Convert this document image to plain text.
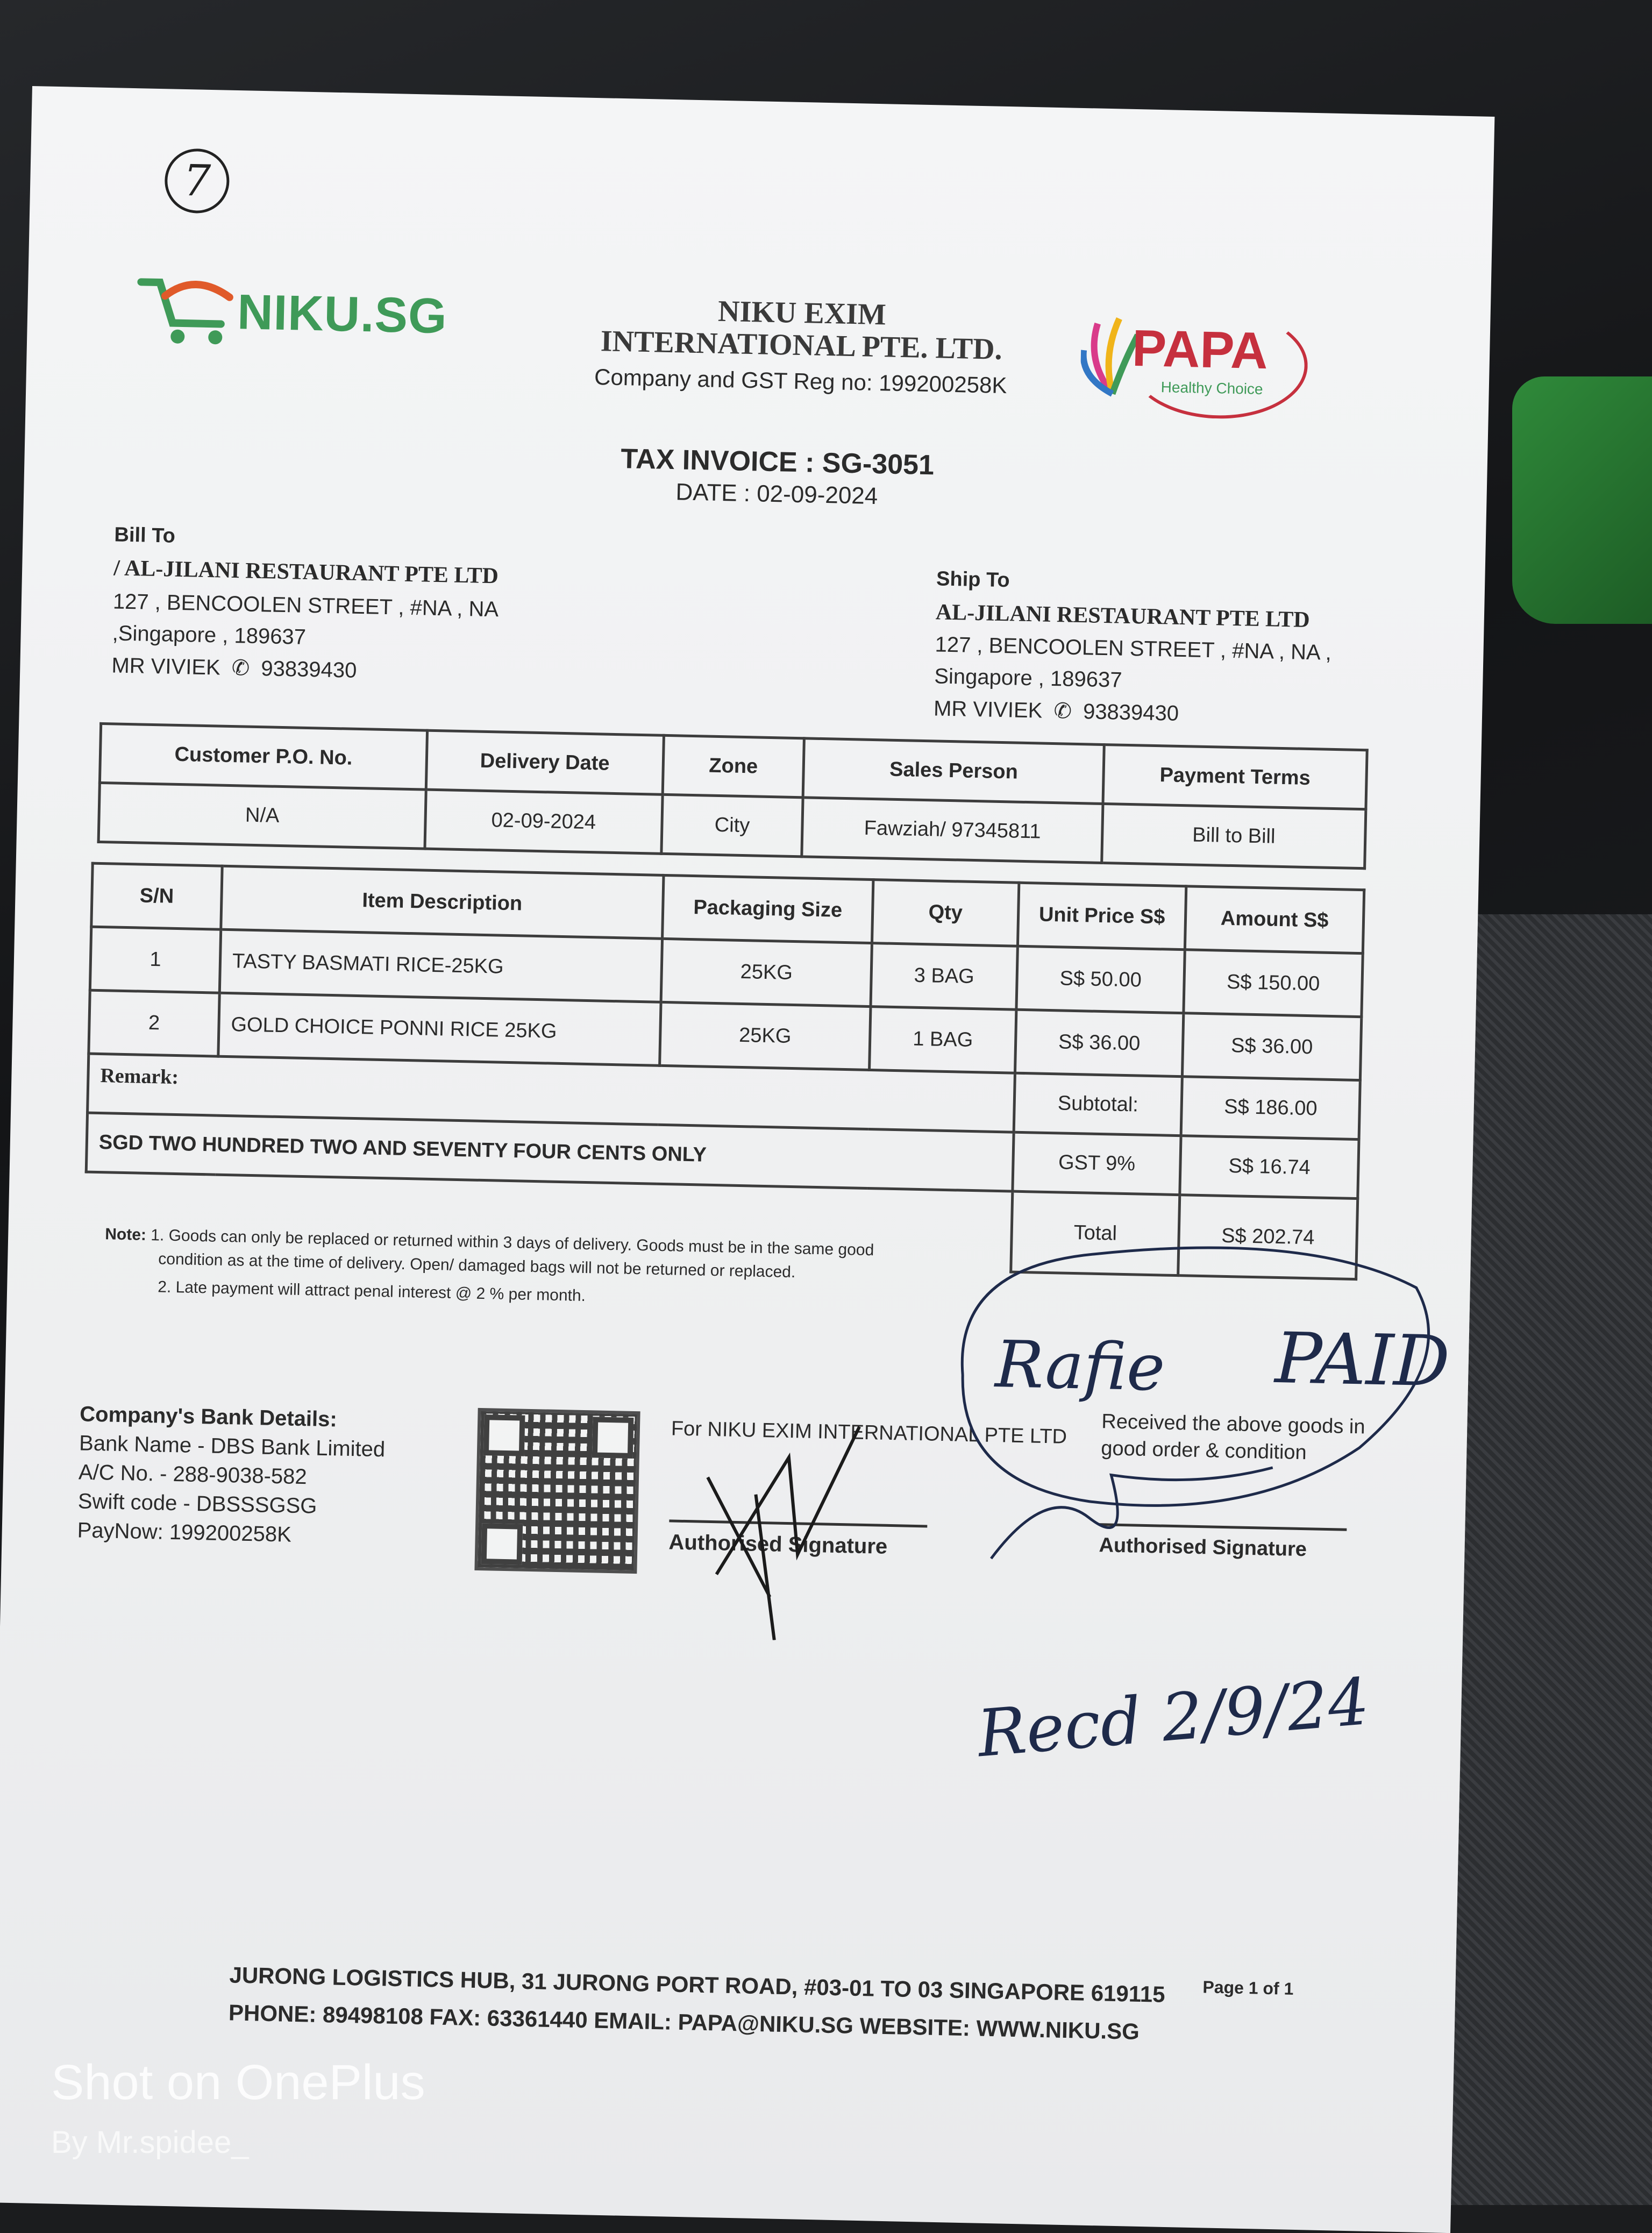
7
NIKU.SG	NIKU EXIM
INTERNATIONAL PTE. LTD.
Company and GST Reg no: 199200258K
PAPA
Healthy Choice
TAX INVOICE : SG-3051
DATE : 02-09-2024
Bill To
/ AL-JILANI RESTAURANT PTE LTD
127 , BENCOOLEN STREET , #NA , NA
,Singapore , 189637
MR VIVIEK ✆ 93839430
Ship To
AL-JILANI RESTAURANT PTE LTD
127 , BENCOOLEN STREET , #NA , NA ,
Singapore , 189637
MR VIVIEK ✆ 93839430
Customer P.O. No.	Delivery Date	Zone	Sales Person	Payment Terms
N/A	02-09-2024	City	Fawziah/ 97345811	Bill to Bill
S/N	Item Description	Packaging Size	Qty	Unit Price S$	Amount S$
1	TASTY BASMATI RICE-25KG	25KG	3 BAG	S$ 50.00	S$ 150.00
2	GOLD CHOICE PONNI RICE 25KG	25KG	1 BAG	S$ 36.00	S$ 36.00
Remark:				Subtotal:	S$ 186.00
SGD TWO HUNDRED TWO AND SEVENTY FOUR CENTS ONLY				GST 9%	S$ 16.74
				Total	S$ 202.74
Note: 1. Goods can only be replaced or returned within 3 days of delivery. Goods must be in the same good
condition as at the time of delivery. Open/ damaged bags will not be returned or replaced.
2. Late payment will attract penal interest @ 2 % per month.
Company's Bank Details:
Bank Name - DBS Bank Limited
A/C No. - 288-9038-582
Swift code - DBSSSGSG
PayNow: 199200258K
For NIKU EXIM INTERNATIONAL PTE LTD
Authorised Signature
Received the above goods in
good order & condition
Authorised Signature
Rafie PAID
Recd 2/9/24
JURONG LOGISTICS HUB, 31 JURONG PORT ROAD, #03-01 TO 03 SINGAPORE 619115
PHONE: 89498108 FAX: 63361440 EMAIL: PAPA@NIKU.SG WEBSITE: WWW.NIKU.SG
Page 1 of 1
Shot on OnePlus
By Mr.spidee_
